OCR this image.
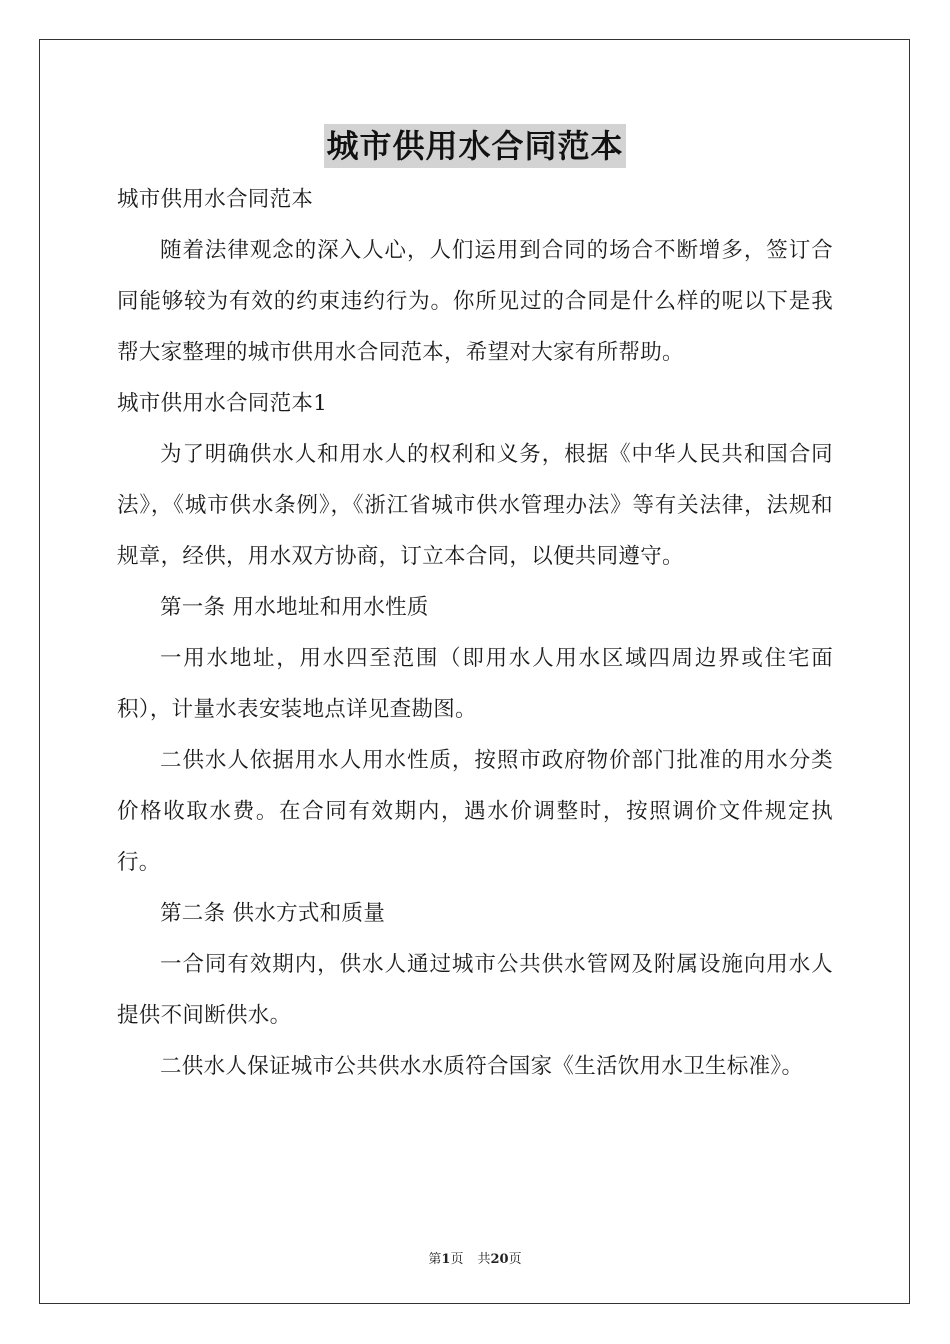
城市供用水合同范本

城市供用水合同范本

随着法律观念的深入人心，人们运用到合同的场合不断增多，签订合同能够较为有效的约束违约行为。你所见过的合同是什么样的呢以下是我帮大家整理的城市供用水合同范本，希望对大家有所帮助。

城市供用水合同范本1

为了明确供水人和用水人的权利和义务，根据《中华人民共和国合同法》，《城市供水条例》，《浙江省城市供水管理办法》等有关法律，法规和规章，经供，用水双方协商，订立本合同，以便共同遵守。

第一条 用水地址和用水性质

一用水地址，用水四至范围（即用水人用水区域四周边界或住宅面积），计量水表安装地点详见查勘图。

二供水人依据用水人用水性质，按照市政府物价部门批准的用水分类价格收取水费。在合同有效期内，遇水价调整时，按照调价文件规定执行。

第二条 供水方式和质量

一合同有效期内，供水人通过城市公共供水管网及附属设施向用水人提供不间断供水。

二供水人保证城市公共供水水质符合国家《生活饮用水卫生标准》。

第1页 共20页
